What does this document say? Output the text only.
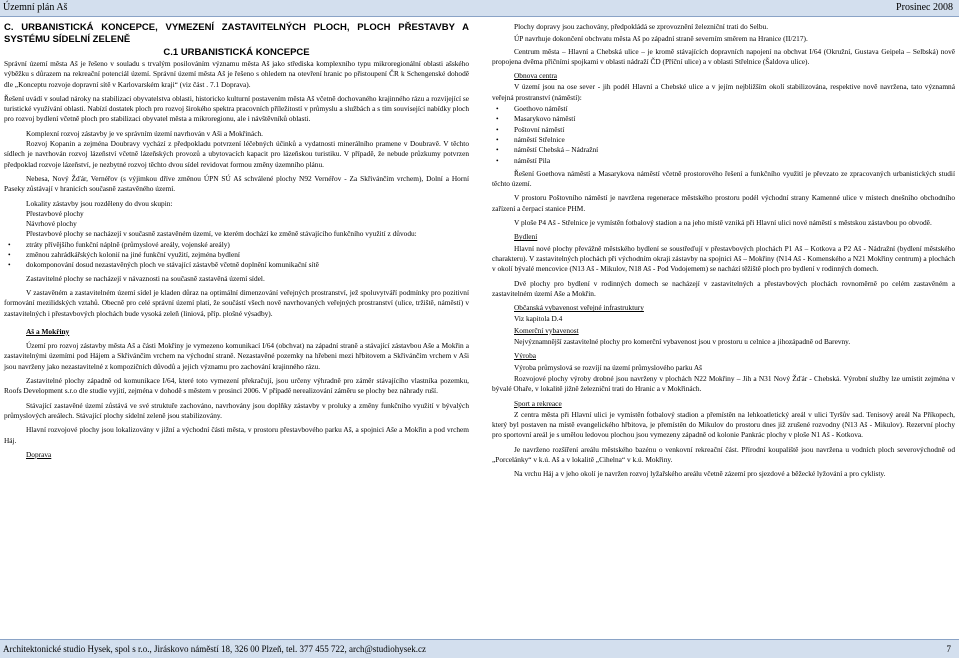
Územní plán Aš	Prosinec 2008
C. URBANISTICKÁ KONCEPCE, VYMEZENÍ ZASTAVITELNÝCH PLOCH, PLOCH PŘESTAVBY A SYSTÉMU SÍDELNÍ ZELENĚ
C.1 URBANISTICKÁ KONCEPCE

Správní území města Aš je řešeno v souladu s trvalým posilováním významu města Aš jako střediska komplexního typu mikroregionální oblasti ašského výběžku s důrazem na rekreační potenciál území. Správní území města Aš je řešeno s ohledem na otevření hranic po přistoupení ČR k Schengenské dohodě dle „Konceptu rozvoje dopravní sítě v Karlovarském kraji“ (viz část . 7.1 Doprava).

Řešení uvádí v soulad nároky na stabilizaci obyvatelstva oblasti, historicko kulturní postavením města Aš včetně dochovaného krajinného rázu a rozvíjející se turistické využívání oblasti. Nabízí dostatek ploch pro rozvoj širokého spektra pracovních příležitostí v průmyslu a službách a s tím související nabídky ploch pro rozvoj bydlení včetně ploch pro stabilizaci obyvatel města a mikroregionu, ale i návštěvníků oblasti.

Komplexní rozvoj zástavby je ve správním území navrhován v Aši a Mokřinách.

Rozvoj Kopanin a zejména Doubravy vychází z předpokladu potvrzení léčebných účinků a vydatnosti minerálního pramene v Doubravě. V těchto sídlech je navrhován rozvoj lázeňství včetně lázeňských provozů a ubytovacích kapacit pro lázeňskou turistiku. V případě, že nebude průzkumy potvrzen předpoklad rozvoje lázeňství, je nezbytné rozvoj těchto dvou sídel revidovat formou změny územního plánu.

Nebesa, Nový Žďár, Vernéřov (s výjimkou dříve změnou ÚPN SÚ Aš schválené plochy N92 Vernéřov - Za Skřivánčím vrchem), Dolní a Horní Paseky zůstávají v hranicích současně zastavěného území.

Lokality zástavby jsou rozděleny do dvou skupin:

Přestavbové plochy
Návrhové plochy

Přestavbové plochy se nacházejí v současně zastavěném území, ve kterém dochází ke změně stávajícího funkčního využití z důvodu:

• ztráty přívějšího funkční náplně (průmyslové areály, vojenské areály)
• změnou zahrádkářských kolonií na jiné funkční využití, zejména bydlení
• dokomponování dosud nezastavěných ploch ve stávající zástavbě včetně doplnění komunikační sítě

Zastavitelné plochy se nacházejí v návaznosti na současně zastavěná území sídel.

V zastavěném a zastavitelném území sídel je kladen důraz na optimální dimenzování veřejných prostranství, jež spoluvytváří podmínky pro pozitivní formování mezilidských vztahů. Obecně pro celé správní území platí, že součástí všech nově navrhovaných veřejných prostranství (ulice, tržiště, náměstí) v zastavitelných i přestavbových plochách bude vysoká zeleň (liniová, příp. plošné výsadby).

Aš a Mokřiny

Území pro rozvoj zástavby města Aš a části Mokřiny je vymezeno komunikací I/64 (obchvat) na západní straně a stávající zástavbou Aše a Mokřin a zastavitelnými územími pod Hájem a Skřivánčím vrchem na východní straně. Nezastavěné pozemky na hřebeni mezi hřbitovem a Skřivánčím vrchem v Aši jsou navrženy jako nezastavitelné z kompozičních důvodů a jejich významu pro zachování krajinného rázu.

Zastavitelné plochy západně od komunikace I/64, které toto vymezení překračují, jsou určeny výhradně pro záměr stávajícího vlastníka pozemku, Roofs Development s.r.o dle studie vyjití, zejména v dohodě s městem v prosinci 2006. V případě nerealizování záměru se plochy bez náhrady ruší.

Stávající zastavěné území zůstává ve své struktuře zachováno, navrhovány jsou doplňky zástavby v proluky a změny funkčního využití v bývalých průmyslových areálech. Stávající plochy sídelní zeleně jsou stabilizovány.

Hlavní rozvojové plochy jsou lokalizovány v jižní a východní části města, v prostoru přestavbového parku Aš, a spojnici Aše a Mokřin a pod vrchem Háj.

Doprava

Plochy dopravy jsou zachovány, předpokládá se zprovoznění železniční trati do Selbu.

ÚP navrhuje dokončení obchvatu města Aš po západní straně severním směrem na Hranice (II/217).

Centrum města – Hlavní a Chebská ulice – je kromě stávajících dopravních napojení na obchvat I/64 (Okružní, Gustava Geipela – Selbská) nově propojena dvěma přičními spojkami v oblasti nádraží ČD (Příční ulice) a v oblasti Střelnice (Šaldova ulice).

Obnova centra

V území jsou na ose sever - jih podél Hlavní a Chebské ulice a v jejím nejbližším okolí stabilizována, respektive nově navržena, tato významná veřejná prostranství (náměstí):

• Goethovo náměstí
• Masarykovo náměstí
• Poštovní náměstí
• náměstí Střelnice
• náměstí Chebská – Nádražní
• náměstí Pila

Řešení Goethova náměstí a Masarykova náměstí včetně prostorového řešení a funkčního využití je převzato ze zpracovaných urbanistických studií těchto území.

V prostoru Poštovního náměstí je navržena regenerace městského prostoru podél východní strany Kamenné ulice v místech dnešního obchodního zařízení a čerpací stanice PHM.

V ploše P4 Aš - Střelnice je vymístěn fotbalový stadion a na jeho místě vzniká při Hlavní ulici nové náměstí s městskou zástavbou po obvodě.

Bydlení

Hlavní nové plochy převážně městského bydlení se soustřeďují v přestavbových plochách P1 Aš – Kotkova a P2 Aš - Nádražní (bydlení městského charakteru). V zastavitelných plochách při východním okraji zástavby na spojnici Aš – Mokřiny (N14 Aš - Komenského a N21 Mokřiny centrum) a plochách v okolí bývalé mencovice (N13 Aš - Mikulov, N18 Aš - Pod Vodojemem) se nachází těžiště ploch pro bydlení v rodinných domech.

Dvě plochy pro bydlení v rodinných domech se nacházejí v zastavitelných a přestavbových plochách rovnoměrně po celém zastavěném a zastavitelném území Aše a Mokřin.

Občanská vybavenost veřejné infrastruktury

Viz kapitola D.4

Komerční vybavenost

Nejvýznamnější zastavitelné plochy pro komerční vybavenost jsou v prostoru u celnice a jihozápadně od Barevny.

Výroba

Výroba průmyslová se rozvíjí na území průmyslového parku Aš

Rozvojové plochy výroby drobné jsou navrženy v plochách N22 Mokřiny – Jih a N31 Nový Žďár - Chebská. Výrobní služby lze umístit zejména v bývalé Ohaře, v lokalitě jižně železniční trati do Hranic a v Mokřinách.

Sport a rekreace

Z centra města při Hlavní ulici je vymístěn fotbalový stadion a přemístěn na lehkoatletický areál v ulici Tyršův sad. Tenisový areál Na Příkopech, který byl postaven na místě evangelického hřbitova, je přemístěn do Mikulov do prostoru dnes již zrušené rozvodny (N13 Aš - Mikulov). Rezervní plochy pro sportovní areál je s umělou ledovou plochou jsou vymezeny západně od kolonie Pankrác plochy v ploše N1 Aš - Kotkova.

Je navrženo rozšíření areálu městského bazénu o venkovní rekreační část. Přírodní koupaliště jsou navržena u vodních ploch severovýchodně od „Porcelánky“ v k.ú. Aš a v lokalitě „Cihelna“ v k.ú. Mokřiny.

Na vrchu Háj a v jeho okolí je navržen rozvoj lyžařského areálu včetně zázemí pro sjezdové a běžecké lyžování a pro cyklisty.

Architektonické studio Hysek, spol s r.o., Jiráskovo náměstí 18, 326 00 Plzeň, tel. 377 455 722, arch@studiohysek.cz	7
